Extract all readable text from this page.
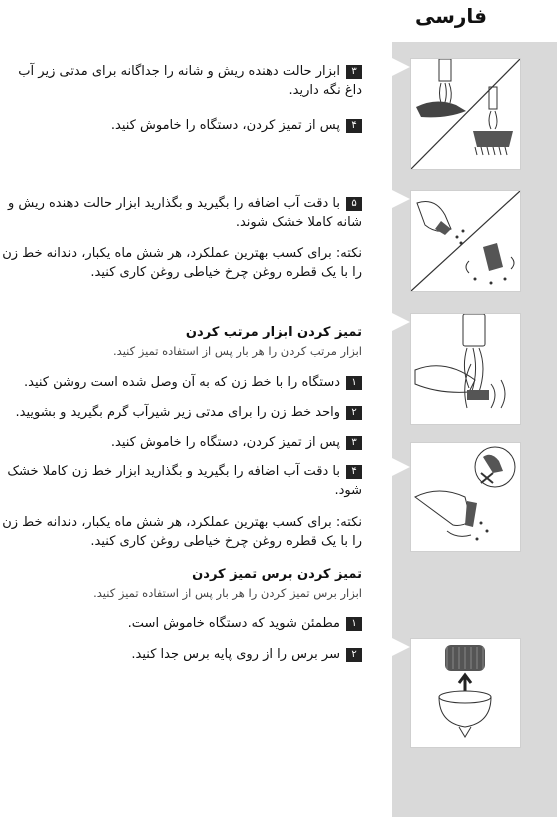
فارسی
۳ابزار حالت دهنده ریش و شانه را جداگانه برای مدتی زیر آب داغ نگه دارید.
۴پس از تمیز کردن، دستگاه را خاموش کنید.
۵با دقت آب اضافه را بگیرید و بگذارید ابزار حالت دهنده ریش و شانه کاملا خشک شوند.
نکته: برای کسب بهترین عملکرد، هر شش ماه یکبار، دندانه خط زن را با یک قطره روغن چرخ خیاطی روغن کاری کنید.
تمیز کردن ابزار مرتب کردن
ابزار مرتب کردن را هر بار پس از استفاده تمیز کنید.
۱دستگاه را با خط زن که به آن وصل شده است روشن کنید.
۲واحد خط زن را برای مدتی زیر شیرآب گرم بگیرید و بشویید.
۳پس از تمیز کردن، دستگاه را خاموش کنید.
۴با دقت آب اضافه را بگیرید و بگذارید ابزار خط زن کاملا خشک شود.
نکته: برای کسب بهترین عملکرد، هر شش ماه یکبار، دندانه خط زن را با یک قطره روغن چرخ خیاطی روغن کاری کنید.
تمیز کردن برس تمیز کردن
ابزار برس تمیز کردن را هر بار پس از استفاده تمیز کنید.
۱مطمئن شوید که دستگاه خاموش است.
۲سر برس را از روی پایه برس جدا کنید.
